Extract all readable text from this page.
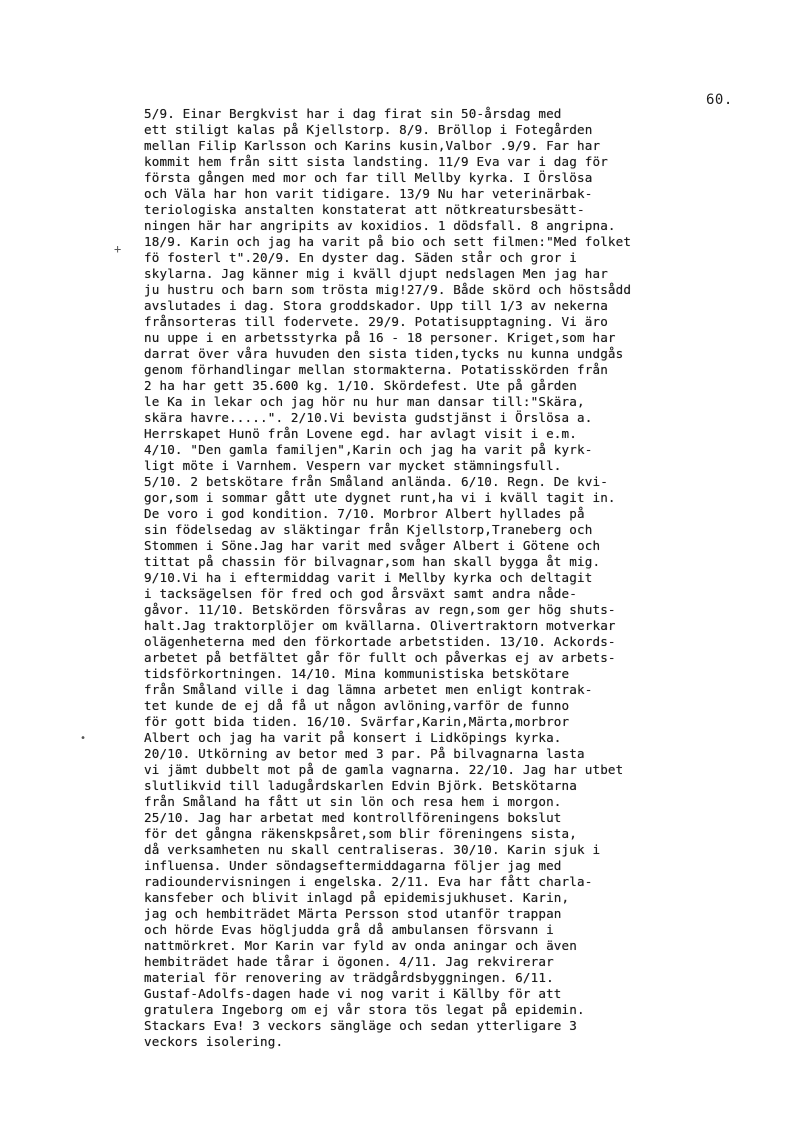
60.
+
•
5/9. Einar Bergkvist har i dag firat sin 50-årsdag med
ett stiligt kalas på Kjellstorp. 8/9. Bröllop i Fotegården
mellan Filip Karlsson och Karins kusin,Valbor .9/9. Far har
kommit hem från sitt sista landsting. 11/9 Eva var i dag för
första gången med mor och far till Mellby kyrka. I Örslösa
och Väla har hon varit tidigare. 13/9 Nu har veterinärbak-
teriologiska anstalten konstaterat att nötkreatursbesätt-
ningen här har angripits av koxidios. 1 dödsfall. 8 angripna.
18/9. Karin och jag ha varit på bio och sett filmen:"Med folket
fö fosterl t".20/9. En dyster dag. Säden står och gror i
skylarna. Jag känner mig i kväll djupt nedslagen Men jag har
ju hustru och barn som trösta mig!27/9. Både skörd och höstsådd
avslutades i dag. Stora groddskador. Upp till 1/3 av nekerna
frånsorteras till fodervete. 29/9. Potatisupptagning. Vi äro
nu uppe i en arbetsstyrka på 16 - 18 personer. Kriget,som har
darrat över våra huvuden den sista tiden,tycks nu kunna undgås
genom förhandlingar mellan stormakterna. Potatisskörden från
2 ha har gett 35.600 kg. 1/10. Skördefest. Ute på gården
le Ka in lekar och jag hör nu hur man dansar till:"Skära,
skära havre.....". 2/10.Vi bevista gudstjänst i Örslösa a.
Herrskapet Hunö från Lovene egd. har avlagt visit i e.m.
4/10. "Den gamla familjen",Karin och jag ha varit på kyrk-
ligt möte i Varnhem. Vespern var mycket stämningsfull.
5/10. 2 betskötare från Småland anlända. 6/10. Regn. De kvi-
gor,som i sommar gått ute dygnet runt,ha vi i kväll tagit in.
De voro i god kondition. 7/10. Morbror Albert hyllades på
sin födelsedag av släktingar från Kjellstorp,Traneberg och
Stommen i Söne.Jag har varit med svåger Albert i Götene och
tittat på chassin för bilvagnar,som han skall bygga åt mig.
9/10.Vi ha i eftermiddag varit i Mellby kyrka och deltagit
i tacksägelsen för fred och god årsväxt samt andra nåde-
gåvor. 11/10. Betskörden försvåras av regn,som ger hög shuts-
halt.Jag traktorplöjer om kvällarna. Olivertraktorn motverkar
olägenheterna med den förkortade arbetstiden. 13/10. Ackords-
arbetet på betfältet går för fullt och påverkas ej av arbets-
tidsförkortningen. 14/10. Mina kommunistiska betskötare
från Småland ville i dag lämna arbetet men enligt kontrak-
tet kunde de ej då få ut någon avlöning,varför de funno
för gott bida tiden. 16/10. Svärfar,Karin,Märta,morbror
Albert och jag ha varit på konsert i Lidköpings kyrka.
20/10. Utkörning av betor med 3 par. På bilvagnarna lasta
vi jämt dubbelt mot på de gamla vagnarna. 22/10. Jag har utbet
slutlikvid till ladugårdskarlen Edvin Björk. Betskötarna
från Småland ha fått ut sin lön och resa hem i morgon.
25/10. Jag har arbetat med kontrollföreningens bokslut
för det gångna räkenskpsåret,som blir föreningens sista,
då verksamheten nu skall centraliseras. 30/10. Karin sjuk i
influensa. Under söndagseftermiddagarna följer jag med
radioundervisningen i engelska. 2/11. Eva har fått charla-
kansfeber och blivit inlagd på epidemisjukhuset. Karin,
jag och hembiträdet Märta Persson stod utanför trappan
och hörde Evas högljudda grå då ambulansen försvann i
nattmörkret. Mor Karin var fyld av onda aningar och även
hembiträdet hade tårar i ögonen. 4/11. Jag rekvirerar
material för renovering av trädgårdsbyggningen. 6/11.
Gustaf-Adolfs-dagen hade vi nog varit i Källby för att
gratulera Ingeborg om ej vår stora tös legat på epidemin.
Stackars Eva! 3 veckors sängläge och sedan ytterligare 3
veckors isolering.
